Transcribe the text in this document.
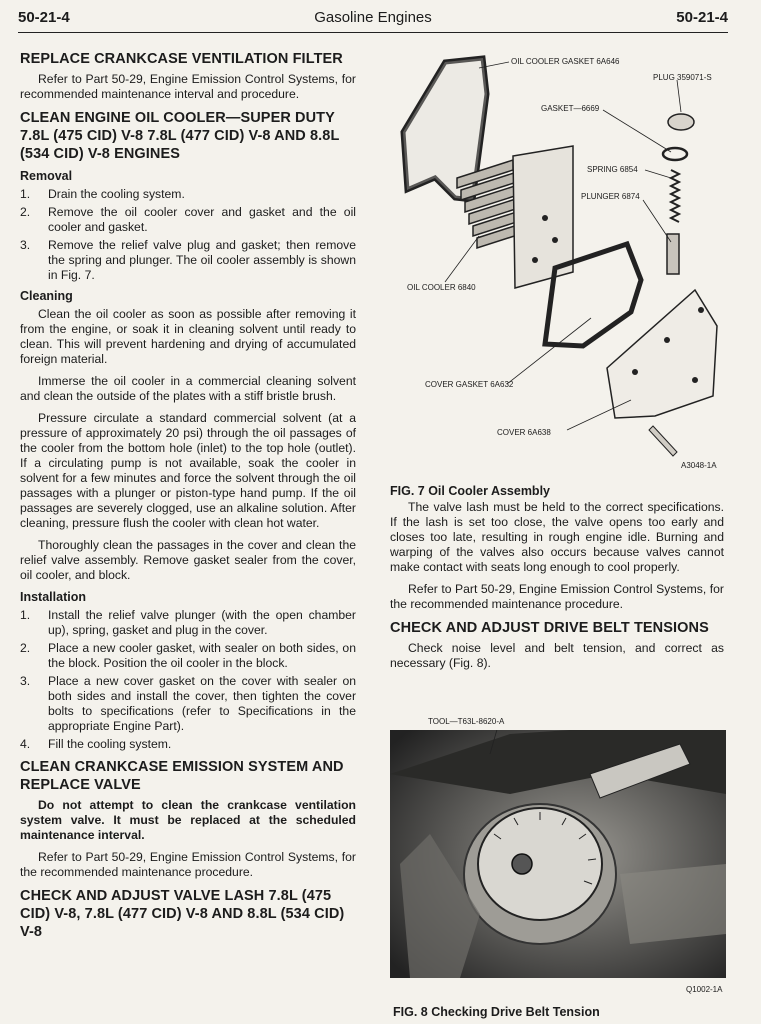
50-21-4	Gasoline Engines	50-21-4
REPLACE CRANKCASE VENTILATION FILTER

Refer to Part 50-29, Engine Emission Control Systems, for recommended maintenance interval and procedure.

CLEAN ENGINE OIL COOLER—SUPER DUTY 7.8L (475 CID) V-8 7.8L (477 CID) V-8 AND 8.8L (534 CID) V-8 ENGINES
Removal
1. Drain the cooling system.
2. Remove the oil cooler cover and gasket and the oil cooler and gasket.
3. Remove the relief valve plug and gasket; then remove the spring and plunger. The oil cooler assembly is shown in Fig. 7.
Cleaning

Clean the oil cooler as soon as possible after removing it from the engine, or soak it in cleaning solvent until ready to clean. This will prevent hardening and drying of accumulated foreign material.

Immerse the oil cooler in a commercial cleaning solvent and clean the outside of the plates with a stiff bristle brush.

Pressure circulate a standard commercial solvent (at a pressure of approximately 20 psi) through the oil passages of the cooler from the bottom hole (inlet) to the top hole (outlet). If a circulating pump is not available, soak the cooler in solvent for a few minutes and force the solvent through the oil passages with a plunger or piston-type hand pump. If the oil passages are severely clogged, use an alkaline solution. After cleaning, pressure flush the cooler with clean hot water.

Thoroughly clean the passages in the cover and clean the relief valve assembly. Remove gasket sealer from the cover, oil cooler, and block.

Installation
1. Install the relief valve plunger (with the open chamber up), spring, gasket and plug in the cover.
2. Place a new cooler gasket, with sealer on both sides, on the block. Position the oil cooler in the block.
3. Place a new cover gasket on the cover with sealer on both sides and install the cover, then tighten the cover bolts to specifications (refer to Specifications in the appropriate Engine Part).
4. Fill the cooling system.
CLEAN CRANKCASE EMISSION SYSTEM AND REPLACE VALVE

Do not attempt to clean the crankcase ventilation system valve. It must be replaced at the scheduled maintenance interval.

Refer to Part 50-29, Engine Emission Control Systems, for the recommended maintenance procedure.

CHECK AND ADJUST VALVE LASH 7.8L (475 CID) V-8, 7.8L (477 CID) V-8 AND 8.8L (534 CID) V-8
OIL COOLER GASKET 6A646
PLUG 359071-S
GASKET—6669
SPRING 6854
PLUNGER 6874
OIL COOLER 6840
COVER GASKET 6A632
COVER 6A638
A3048-1A
FIG. 7 Oil Cooler Assembly

The valve lash must be held to the correct specifications. If the lash is set too close, the valve opens too early and closes too late, resulting in rough engine idle. Burning and warping of the valves also occurs because valves cannot make contact with seats long enough to cool properly.

Refer to Part 50-29, Engine Emission Control Systems, for the recommended maintenance procedure.

CHECK AND ADJUST DRIVE BELT TENSIONS

Check noise level and belt tension, and correct as necessary (Fig. 8).

TOOL—T63L-8620-A
Q1002-1A
FIG. 8 Checking Drive Belt Tension
